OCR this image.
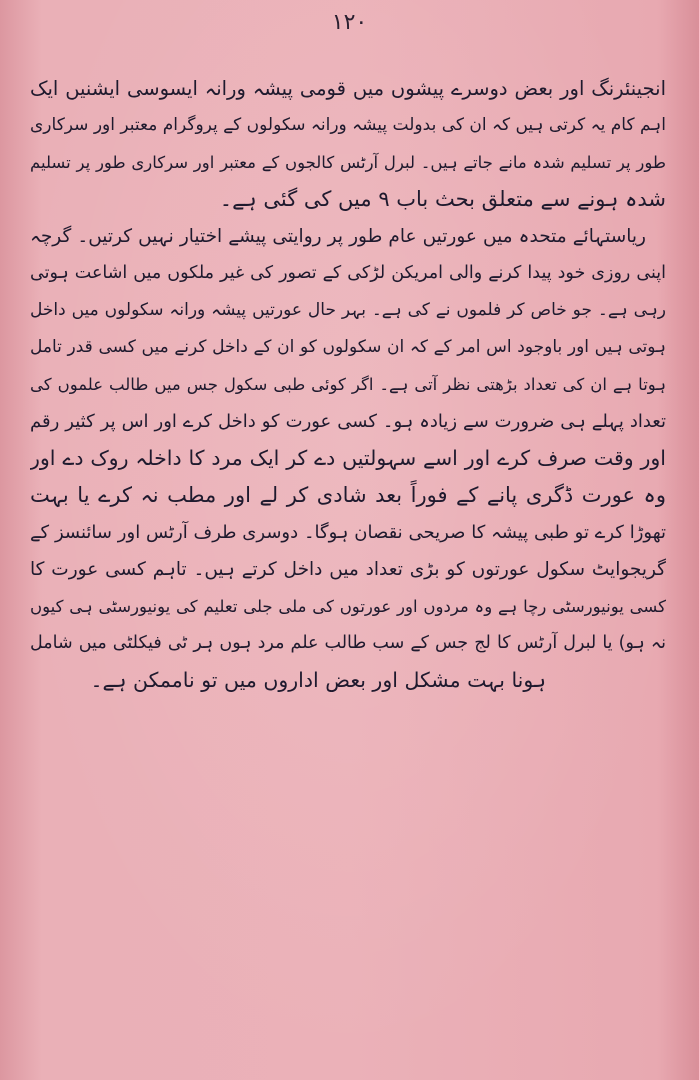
۱۲۰
انجینئرنگ اور بعض دوسرے پیشوں میں قومی پیشہ ورانہ ایسوسی ایشنیں ایک
اہم کام یہ کرتی ہیں کہ ان کی بدولت پیشہ ورانہ سکولوں کے پروگرام معتبر اور سرکاری
طور پر تسلیم شدہ مانے جاتے ہیں۔ لبرل آرٹس کالجوں کے معتبر اور سرکاری طور پر تسلیم
شدہ ہونے سے متعلق بحث باب ۹ میں کی گئی ہے۔
ریاستہائے متحدہ میں عورتیں عام طور پر روایتی پیشے اختیار نہیں کرتیں۔ گرچہ
اپنی روزی خود پیدا کرنے والی امریکن لڑکی کے تصور کی غیر ملکوں میں اشاعت ہوتی
رہی ہے۔ جو خاص کر فلموں نے کی ہے۔ بہر حال عورتیں پیشہ ورانہ سکولوں میں داخل
ہوتی ہیں اور باوجود اس امر کے کہ ان سکولوں کو ان کے داخل کرنے میں کسی قدر تامل
ہوتا ہے ان کی تعداد بڑھتی نظر آتی ہے۔ اگر کوئی طبی سکول جس میں طالب علموں کی
تعداد پہلے ہی ضرورت سے زیادہ ہو۔ کسی عورت کو داخل کرے اور اس پر کثیر رقم
اور وقت صرف کرے اور اسے سہولتیں دے کر ایک مرد کا داخلہ روک دے اور
وہ عورت ڈگری پانے کے فوراً بعد شادی کر لے اور مطب نہ کرے یا بہت
تھوڑا کرے تو طبی پیشہ کا صریحی نقصان ہوگا۔ دوسری طرف آرٹس اور سائنسز کے
گریجوایٹ سکول عورتوں کو بڑی تعداد میں داخل کرتے ہیں۔ تاہم کسی عورت کا
کسی یونیورسٹی رچا ہے وہ مردوں اور عورتوں کی ملی جلی تعلیم کی یونیورسٹی ہی کیوں
نہ ہو) یا لبرل آرٹس کا لج جس کے سب طالب علم مرد ہوں ہر ٹی فیکلٹی میں شامل
ہونا بہت مشکل اور بعض اداروں میں تو ناممکن ہے۔
